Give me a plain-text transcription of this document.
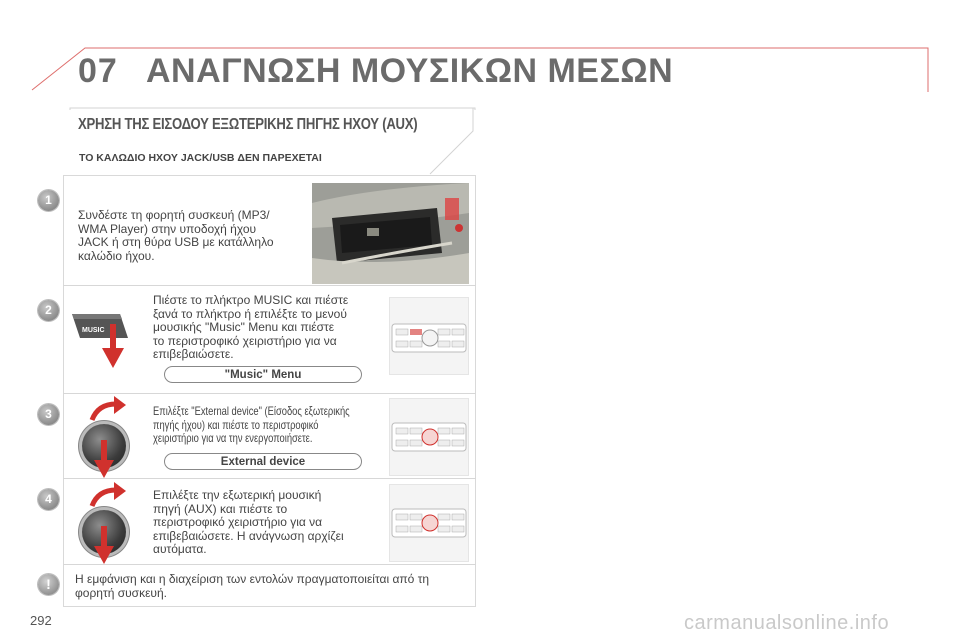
07 ΑΝΑΓΝΩΣΗ ΜΟΥΣΙΚΩΝ ΜΕΣΩΝ
ΧΡΗΣΗ ΤΗΣ ΕΙΣΟΔΟΥ ΕΞΩΤΕΡΙΚΗΣ ΠΗΓΗΣ ΗΧΟΥ (AUX)
ΤΟ ΚΑΛΩΔΙΟ ΗΧΟΥ JACK/USB ΔΕΝ ΠΑΡΕΧΕΤΑΙ
1
Συνδέστε τη φορητή συσκευή (MP3/
WMA Player) στην υποδοχή ήχου
JACK ή στη θύρα USB με κατάλληλο
καλώδιο ήχου.
2
MUSIC
Πιέστε το πλήκτρο MUSIC και πιέστε
ξανά το πλήκτρο ή επιλέξτε το μενού
μουσικής "Music" Menu και πιέστε
το περιστροφικό χειριστήριο για να
επιβεβαιώσετε.
"Music" Menu
3	Επιλέξτε "External device" (Είσοδος εξωτερικής
πηγής ήχου) και πιέστε το περιστροφικό
χειριστήριο για να την ενεργοποιήσετε.
External device
4	Επιλέξτε την εξωτερική μουσική
πηγή (AUX) και πιέστε το
περιστροφικό χειριστήριο για να
επιβεβαιώσετε. Η ανάγνωση αρχίζει
αυτόματα.
!	Η εμφάνιση και η διαχείριση των εντολών πραγματοποιείται από τη
φορητή συσκευή.
292	carmanualsonline.info
